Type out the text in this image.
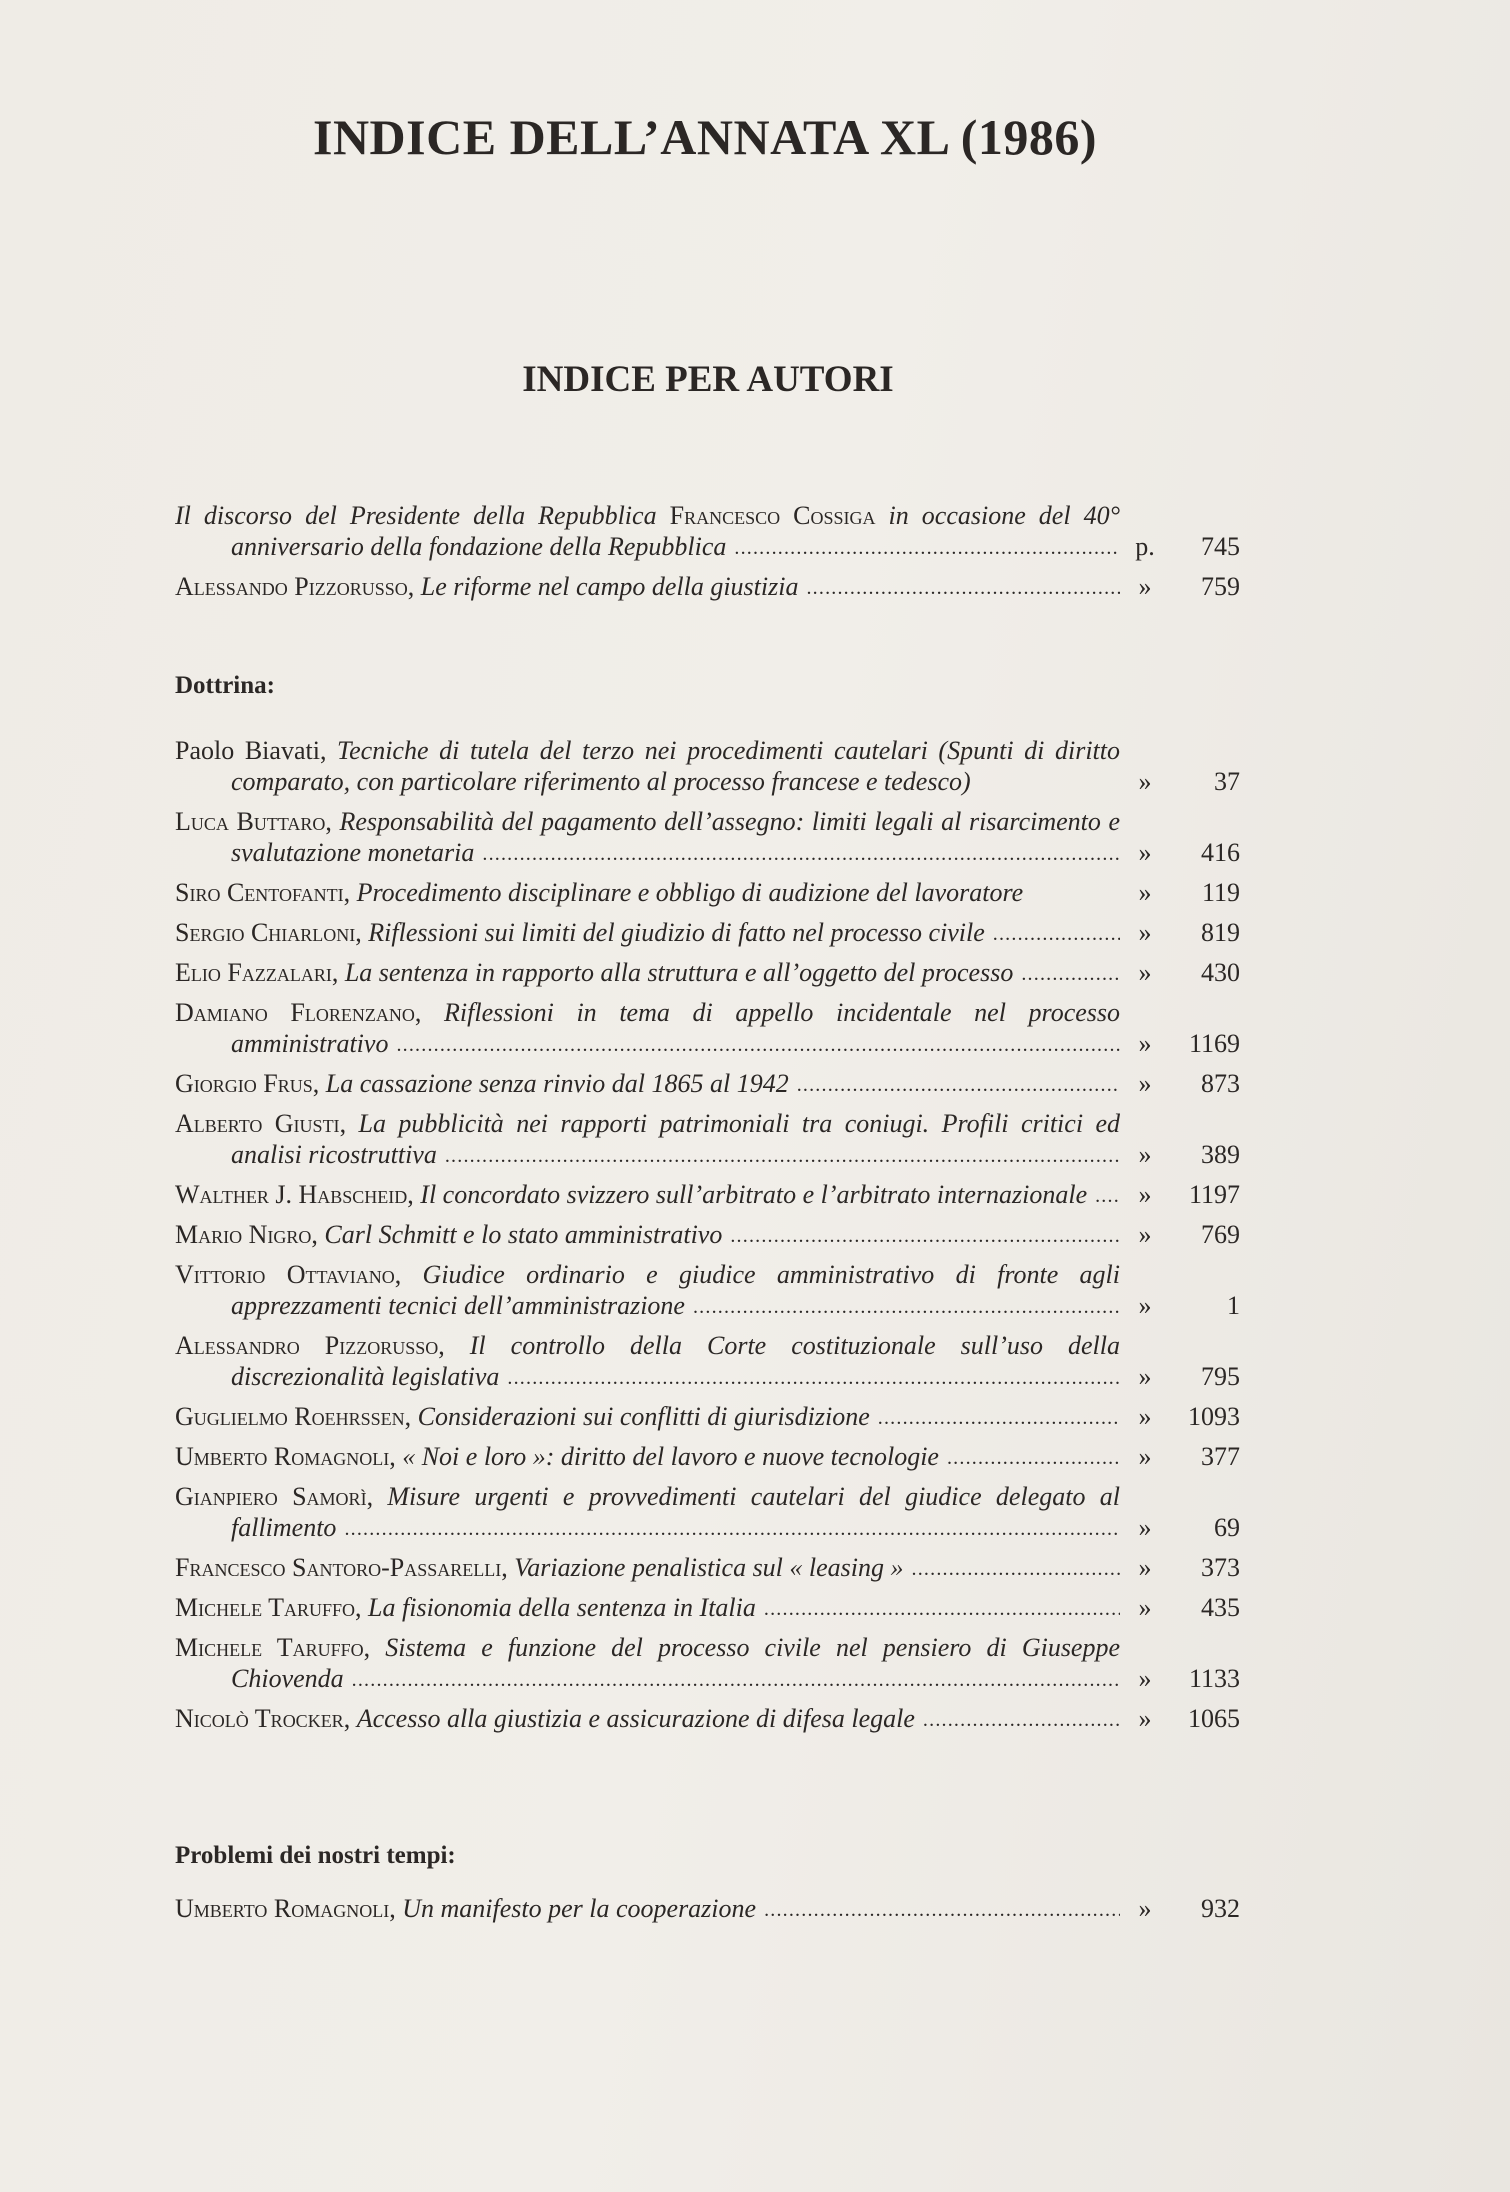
INDICE DELL’ANNATA XL (1986)
INDICE PER AUTORI
Il discorso del Presidente della Repubblica Francesco Cossiga in occasione del 40° anniversario della fondazione della Repubblica	p.	745
Alessando Pizzorusso, Le riforme nel campo della giustizia	»	759
Dottrina:
Paolo Biavati, Tecniche di tutela del terzo nei procedimenti cautelari (Spunti di diritto comparato, con particolare riferimento al processo francese e tedesco)	»	37
Luca Buttaro, Responsabilità del pagamento dell’assegno: limiti legali al risarcimento e svalutazione monetaria	»	416
Siro Centofanti, Procedimento disciplinare e obbligo di audizione del lavoratore	»	119
Sergio Chiarloni, Riflessioni sui limiti del giudizio di fatto nel processo civile	»	819
Elio Fazzalari, La sentenza in rapporto alla struttura e all’oggetto del processo	»	430
Damiano Florenzano, Riflessioni in tema di appello incidentale nel processo amministrativo	»	1169
Giorgio Frus, La cassazione senza rinvio dal 1865 al 1942	»	873
Alberto Giusti, La pubblicità nei rapporti patrimoniali tra coniugi. Profili critici ed analisi ricostruttiva	»	389
Walther J. Habscheid, Il concordato svizzero sull’arbitrato e l’arbitrato internazionale	»	1197
Mario Nigro, Carl Schmitt e lo stato amministrativo	»	769
Vittorio Ottaviano, Giudice ordinario e giudice amministrativo di fronte agli apprezzamenti tecnici dell’amministrazione	»	1
Alessandro Pizzorusso, Il controllo della Corte costituzionale sull’uso della discrezionalità legislativa	»	795
Guglielmo Roehrssen, Considerazioni sui conflitti di giurisdizione	»	1093
Umberto Romagnoli, « Noi e loro »: diritto del lavoro e nuove tecnologie	»	377
Gianpiero Samorì, Misure urgenti e provvedimenti cautelari del giudice delegato al fallimento	»	69
Francesco Santoro-Passarelli, Variazione penalistica sul « leasing »	»	373
Michele Taruffo, La fisionomia della sentenza in Italia	»	435
Michele Taruffo, Sistema e funzione del processo civile nel pensiero di Giuseppe Chiovenda	»	1133
Nicolò Trocker, Accesso alla giustizia e assicurazione di difesa legale	»	1065
Problemi dei nostri tempi:
Umberto Romagnoli, Un manifesto per la cooperazione	»	932
